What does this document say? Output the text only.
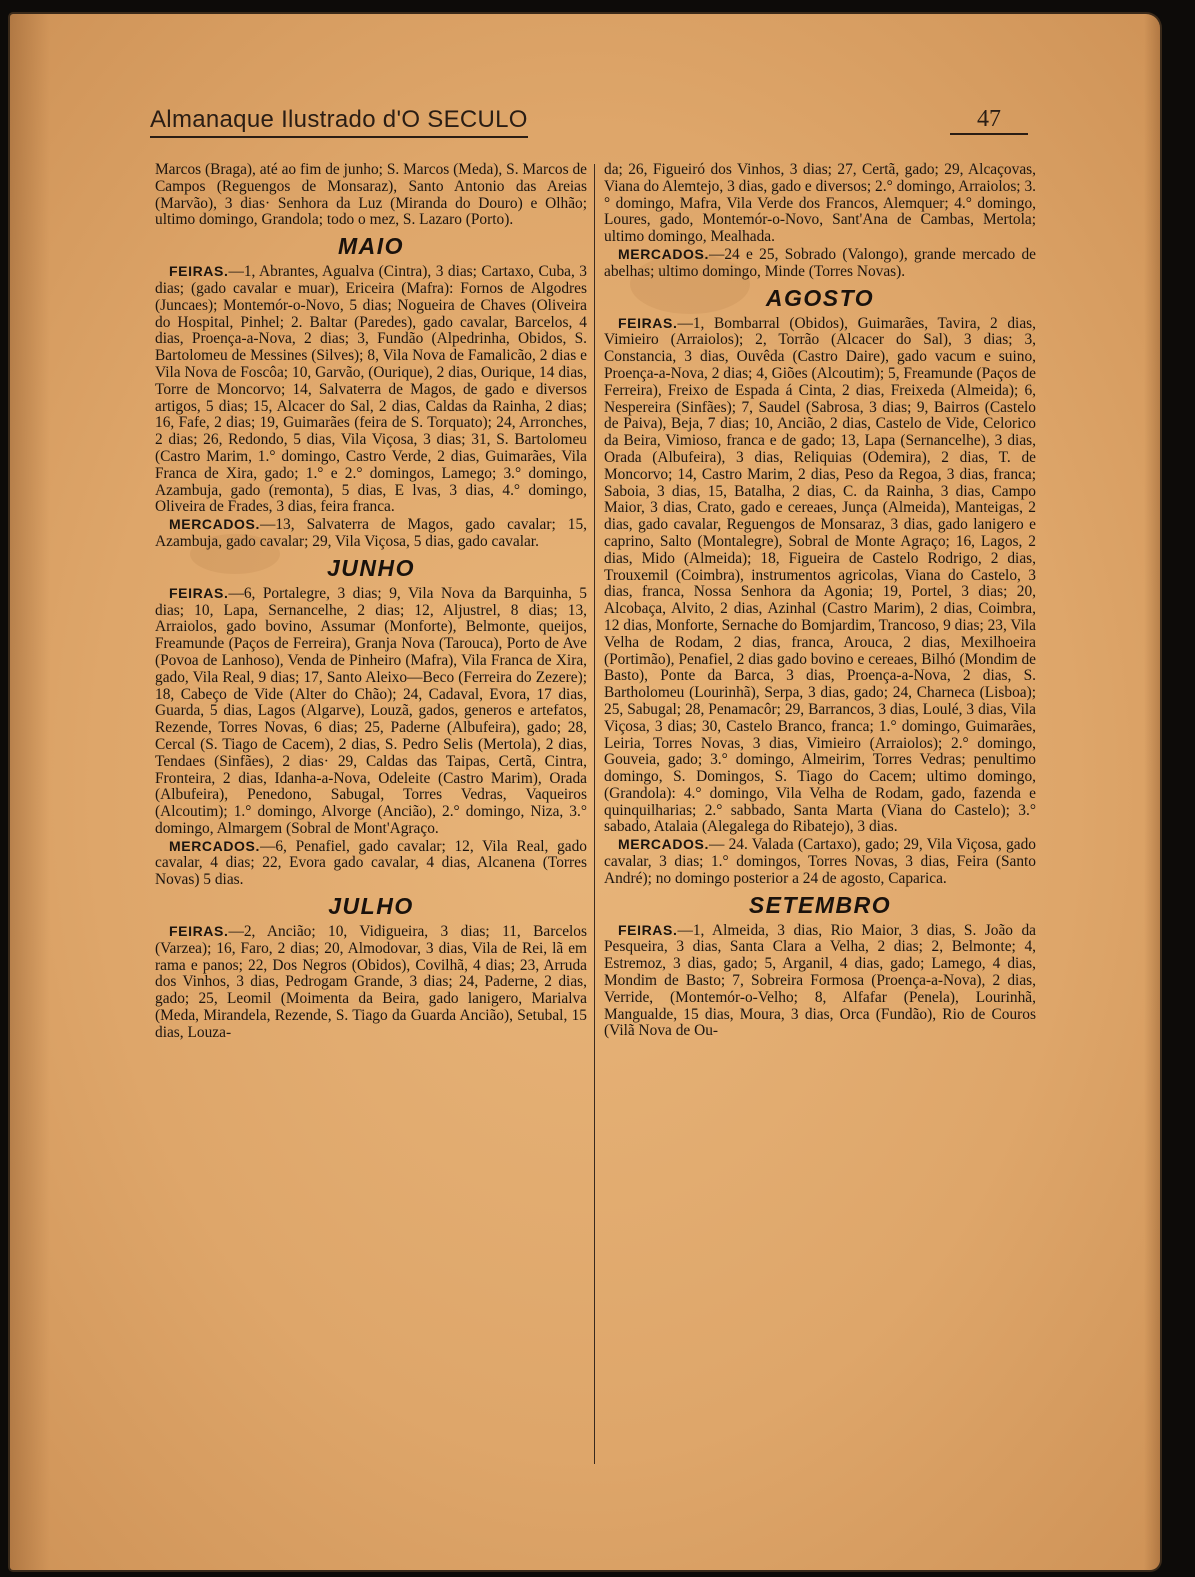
Almanaque Ilustrado d'O SECULO	47

Marcos (Braga), até ao fim de junho; S. Marcos (Meda), S. Marcos de Campos (Reguengos de Monsaraz), Santo Antonio das Areias (Marvão), 3 dias· Senhora da Luz (Miranda do Douro) e Olhão; ultimo domingo, Grandola; todo o mez, S. Lazaro (Porto).

MAIO

FEIRAS.—1, Abrantes, Agualva (Cintra), 3 dias; Cartaxo, Cuba, 3 dias; (gado cavalar e muar), Ericeira (Mafra): Fornos de Algodres (Juncaes); Montemór-o-Novo, 5 dias; Nogueira de Chaves (Oliveira do Hospital, Pinhel; 2. Baltar (Paredes), gado cavalar, Barcelos, 4 dias, Proença-a-Nova, 2 dias; 3, Fundão (Alpedrinha, Obidos, S. Bartolomeu de Messines (Silves); 8, Vila Nova de Famalicão, 2 dias e Vila Nova de Foscôa; 10, Garvão, (Ourique), 2 dias, Ourique, 14 dias, Torre de Moncorvo; 14, Salvaterra de Magos, de gado e diversos artigos, 5 dias; 15, Alcacer do Sal, 2 dias, Caldas da Rainha, 2 dias; 16, Fafe, 2 dias; 19, Guimarães (feira de S. Torquato); 24, Arronches, 2 dias; 26, Redondo, 5 dias, Vila Viçosa, 3 dias; 31, S. Bartolomeu (Castro Marim, 1.° domingo, Castro Verde, 2 dias, Guimarães, Vila Franca de Xira, gado; 1.° e 2.° domingos, Lamego; 3.° domingo, Azambuja, gado (remonta), 5 dias, E lvas, 3 dias, 4.° domingo, Oliveira de Frades, 3 dias, feira franca.

MERCADOS.—13, Salvaterra de Magos, gado cavalar; 15, Azambuja, gado cavalar; 29, Vila Viçosa, 5 dias, gado cavalar.

JUNHO

FEIRAS.—6, Portalegre, 3 dias; 9, Vila Nova da Barquinha, 5 dias; 10, Lapa, Sernancelhe, 2 dias; 12, Aljustrel, 8 dias; 13, Arraiolos, gado bovino, Assumar (Monforte), Belmonte, queijos, Freamunde (Paços de Ferreira), Granja Nova (Tarouca), Porto de Ave (Povoa de Lanhoso), Venda de Pinheiro (Mafra), Vila Franca de Xira, gado, Vila Real, 9 dias; 17, Santo Aleixo—Beco (Ferreira do Zezere); 18, Cabeço de Vide (Alter do Chão); 24, Cadaval, Evora, 17 dias, Guarda, 5 dias, Lagos (Algarve), Louzã, gados, generos e artefatos, Rezende, Torres Novas, 6 dias; 25, Paderne (Albufeira), gado; 28, Cercal (S. Tiago de Cacem), 2 dias, S. Pedro Selis (Mertola), 2 dias, Tendaes (Sinfães), 2 dias· 29, Caldas das Taipas, Certã, Cintra, Fronteira, 2 dias, Idanha-a-Nova, Odeleite (Castro Marim), Orada (Albufeira), Penedono, Sabugal, Torres Vedras, Vaqueiros (Alcoutim); 1.° domingo, Alvorge (Ancião), 2.° domingo, Niza, 3.° domingo, Almargem (Sobral de Mont'Agraço.

MERCADOS.—6, Penafiel, gado cavalar; 12, Vila Real, gado cavalar, 4 dias; 22, Evora gado cavalar, 4 dias, Alcanena (Torres Novas) 5 dias.

JULHO

FEIRAS.—2, Ancião; 10, Vidigueira, 3 dias; 11, Barcelos (Varzea); 16, Faro, 2 dias; 20, Almodovar, 3 dias, Vila de Rei, lã em rama e panos; 22, Dos Negros (Obidos), Covilhã, 4 dias; 23, Arruda dos Vinhos, 3 dias, Pedrogam Grande, 3 dias; 24, Paderne, 2 dias, gado; 25, Leomil (Moimenta da Beira, gado lanigero, Marialva (Meda, Mirandela, Rezende, S. Tiago da Guarda Ancião), Setubal, 15 dias, Louza-

da; 26, Figueiró dos Vinhos, 3 dias; 27, Certã, gado; 29, Alcaçovas, Viana do Alemtejo, 3 dias, gado e diversos; 2.° domingo, Arraiolos; 3.° domingo, Mafra, Vila Verde dos Francos, Alemquer; 4.° domingo, Loures, gado, Montemór-o-Novo, Sant'Ana de Cambas, Mertola; ultimo domingo, Mealhada.

MERCADOS.—24 e 25, Sobrado (Valongo), grande mercado de abelhas; ultimo domingo, Minde (Torres Novas).

AGOSTO

FEIRAS.—1, Bombarral (Obidos), Guimarães, Tavira, 2 dias, Vimieiro (Arraiolos); 2, Torrão (Alcacer do Sal), 3 dias; 3, Constancia, 3 dias, Ouvêda (Castro Daire), gado vacum e suino, Proença-a-Nova, 2 dias; 4, Giões (Alcoutim); 5, Freamunde (Paços de Ferreira), Freixo de Espada á Cinta, 2 dias, Freixeda (Almeida); 6, Nespereira (Sinfães); 7, Saudel (Sabrosa, 3 dias; 9, Bairros (Castelo de Paiva), Beja, 7 dias; 10, Ancião, 2 dias, Castelo de Vide, Celorico da Beira, Vimioso, franca e de gado; 13, Lapa (Sernancelhe), 3 dias, Orada (Albufeira), 3 dias, Reliquias (Odemira), 2 dias, T. de Moncorvo; 14, Castro Marim, 2 dias, Peso da Regoa, 3 dias, franca; Saboia, 3 dias, 15, Batalha, 2 dias, C. da Rainha, 3 dias, Campo Maior, 3 dias, Crato, gado e cereaes, Junça (Almeida), Manteigas, 2 dias, gado cavalar, Reguengos de Monsaraz, 3 dias, gado lanigero e caprino, Salto (Montalegre), Sobral de Monte Agraço; 16, Lagos, 2 dias, Mido (Almeida); 18, Figueira de Castelo Rodrigo, 2 dias, Trouxemil (Coimbra), instrumentos agricolas, Viana do Castelo, 3 dias, franca, Nossa Senhora da Agonia; 19, Portel, 3 dias; 20, Alcobaça, Alvito, 2 dias, Azinhal (Castro Marim), 2 dias, Coimbra, 12 dias, Monforte, Sernache do Bomjardim, Trancoso, 9 dias; 23, Vila Velha de Rodam, 2 dias, franca, Arouca, 2 dias, Mexilhoeira (Portimão), Penafiel, 2 dias gado bovino e cereaes, Bilhó (Mondim de Basto), Ponte da Barca, 3 dias, Proença-a-Nova, 2 dias, S. Bartholomeu (Lourinhã), Serpa, 3 dias, gado; 24, Charneca (Lisboa); 25, Sabugal; 28, Penamacôr; 29, Barrancos, 3 dias, Loulé, 3 dias, Vila Viçosa, 3 dias; 30, Castelo Branco, franca; 1.° domingo, Guimarães, Leiria, Torres Novas, 3 dias, Vimieiro (Arraiolos); 2.° domingo, Gouveia, gado; 3.° domingo, Almeirim, Torres Vedras; penultimo domingo, S. Domingos, S. Tiago do Cacem; ultimo domingo, (Grandola): 4.° domingo, Vila Velha de Rodam, gado, fazenda e quinquilharias; 2.° sabbado, Santa Marta (Viana do Castelo); 3.° sabado, Atalaia (Alegalega do Ribatejo), 3 dias.

MERCADOS.— 24. Valada (Cartaxo), gado; 29, Vila Viçosa, gado cavalar, 3 dias; 1.° domingos, Torres Novas, 3 dias, Feira (Santo André); no domingo posterior a 24 de agosto, Caparica.

SETEMBRO

FEIRAS.—1, Almeida, 3 dias, Rio Maior, 3 dias, S. João da Pesqueira, 3 dias, Santa Clara a Velha, 2 dias; 2, Belmonte; 4, Estremoz, 3 dias, gado; 5, Arganil, 4 dias, gado; Lamego, 4 dias, Mondim de Basto; 7, Sobreira Formosa (Proença-a-Nova), 2 dias, Verride, (Montemór-o-Velho; 8, Alfafar (Penela), Lourinhã, Mangualde, 15 dias, Moura, 3 dias, Orca (Fundão), Rio de Couros (Vilã Nova de Ou-
